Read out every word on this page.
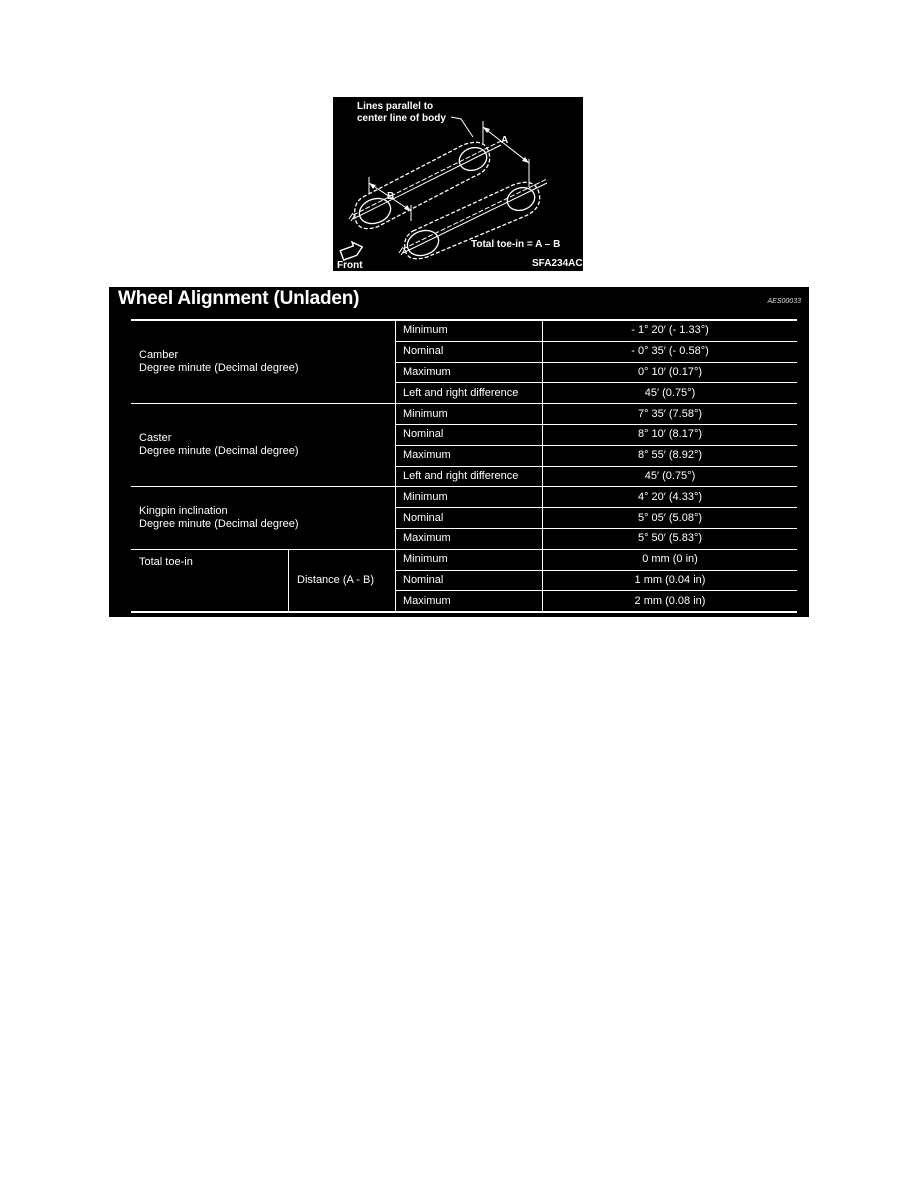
Lines parallel to
center line of body
A
B
Total toe-in = A – B
Front	SFA234AC
Wheel Alignment (Unladen)	AES00033
Camber
Degree minute (Decimal degree)		Minimum	- 1° 20′ (- 1.33°)
		Nominal	- 0° 35′ (- 0.58°)
		Maximum	0° 10′ (0.17°)
		Left and right difference	45′ (0.75°)

Caster
Degree minute (Decimal degree)		Minimum	7° 35′ (7.58°)
		Nominal	8° 10′ (8.17°)
		Maximum	8° 55′ (8.92°)
		Left and right difference	45′ (0.75°)

Kingpin inclination
Degree minute (Decimal degree)		Minimum	4° 20′ (4.33°)
		Nominal	5° 05′ (5.08°)
		Maximum	5° 50′ (5.83°)
Total toe-in	Distance (A - B)	Minimum	0 mm (0 in)
		Nominal	1 mm (0.04 in)
		Maximum	2 mm (0.08 in)
